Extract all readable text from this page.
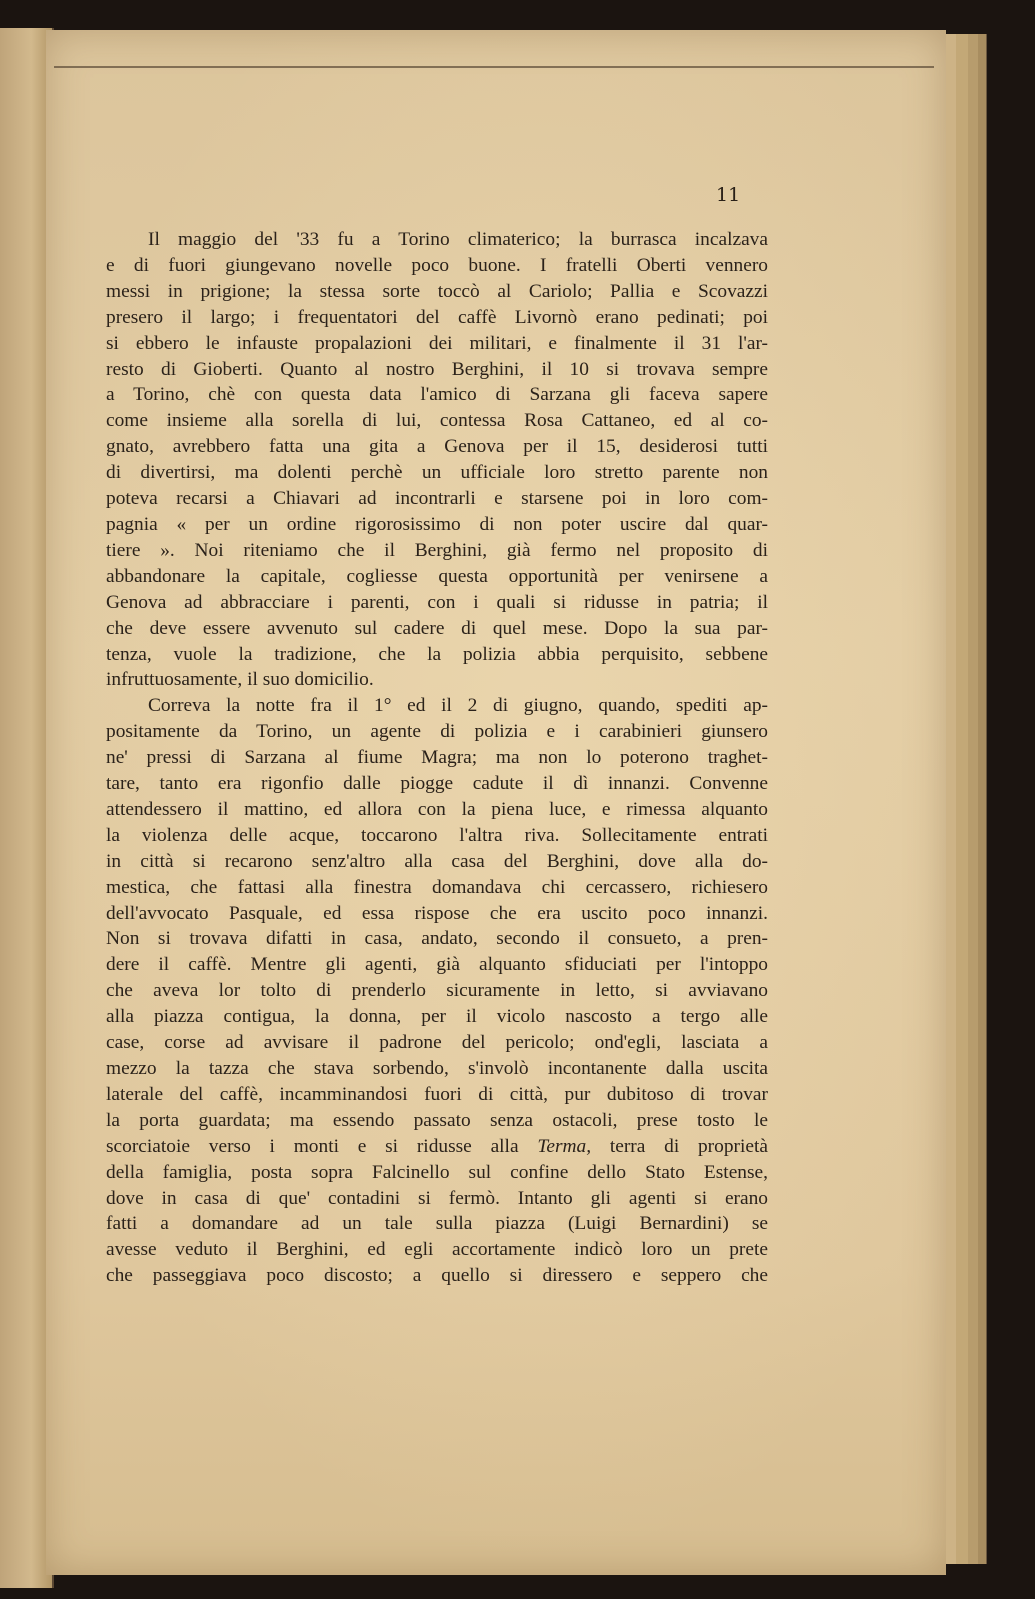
11

Il maggio del '33 fu a Torino climaterico; la burrasca incalzava
e di fuori giungevano novelle poco buone. I fratelli Oberti vennero
messi in prigione; la stessa sorte toccò al Cariolo; Pallia e Scovazzi
presero il largo; i frequentatori del caffè Livornò erano pedinati; poi
si ebbero le infauste propalazioni dei militari, e finalmente il 31 l'ar-
resto di Gioberti. Quanto al nostro Berghini, il 10 si trovava sempre
a Torino, chè con questa data l'amico di Sarzana gli faceva sapere
come insieme alla sorella di lui, contessa Rosa Cattaneo, ed al co-
gnato, avrebbero fatta una gita a Genova per il 15, desiderosi tutti
di divertirsi, ma dolenti perchè un ufficiale loro stretto parente non
poteva recarsi a Chiavari ad incontrarli e starsene poi in loro com-
pagnia « per un ordine rigorosissimo di non poter uscire dal quar-
tiere ». Noi riteniamo che il Berghini, già fermo nel proposito di
abbandonare la capitale, cogliesse questa opportunità per venirsene a
Genova ad abbracciare i parenti, con i quali si ridusse in patria; il
che deve essere avvenuto sul cadere di quel mese. Dopo la sua par-
tenza, vuole la tradizione, che la polizia abbia perquisito, sebbene
infruttuosamente, il suo domicilio.
Correva la notte fra il 1° ed il 2 di giugno, quando, spediti ap-
positamente da Torino, un agente di polizia e i carabinieri giunsero
ne' pressi di Sarzana al fiume Magra; ma non lo poterono traghet-
tare, tanto era rigonfio dalle piogge cadute il dì innanzi. Convenne
attendessero il mattino, ed allora con la piena luce, e rimessa alquanto
la violenza delle acque, toccarono l'altra riva. Sollecitamente entrati
in città si recarono senz'altro alla casa del Berghini, dove alla do-
mestica, che fattasi alla finestra domandava chi cercassero, richiesero
dell'avvocato Pasquale, ed essa rispose che era uscito poco innanzi.
Non si trovava difatti in casa, andato, secondo il consueto, a pren-
dere il caffè. Mentre gli agenti, già alquanto sfiduciati per l'intoppo
che aveva lor tolto di prenderlo sicuramente in letto, si avviavano
alla piazza contigua, la donna, per il vicolo nascosto a tergo alle
case, corse ad avvisare il padrone del pericolo; ond'egli, lasciata a
mezzo la tazza che stava sorbendo, s'involò incontanente dalla uscita
laterale del caffè, incamminandosi fuori di città, pur dubitoso di trovar
la porta guardata; ma essendo passato senza ostacoli, prese tosto le
scorciatoie verso i monti e si ridusse alla Terma, terra di proprietà
della famiglia, posta sopra Falcinello sul confine dello Stato Estense,
dove in casa di que' contadini si fermò. Intanto gli agenti si erano
fatti a domandare ad un tale sulla piazza (Luigi Bernardini) se
avesse veduto il Berghini, ed egli accortamente indicò loro un prete
che passeggiava poco discosto; a quello si diressero e seppero che
